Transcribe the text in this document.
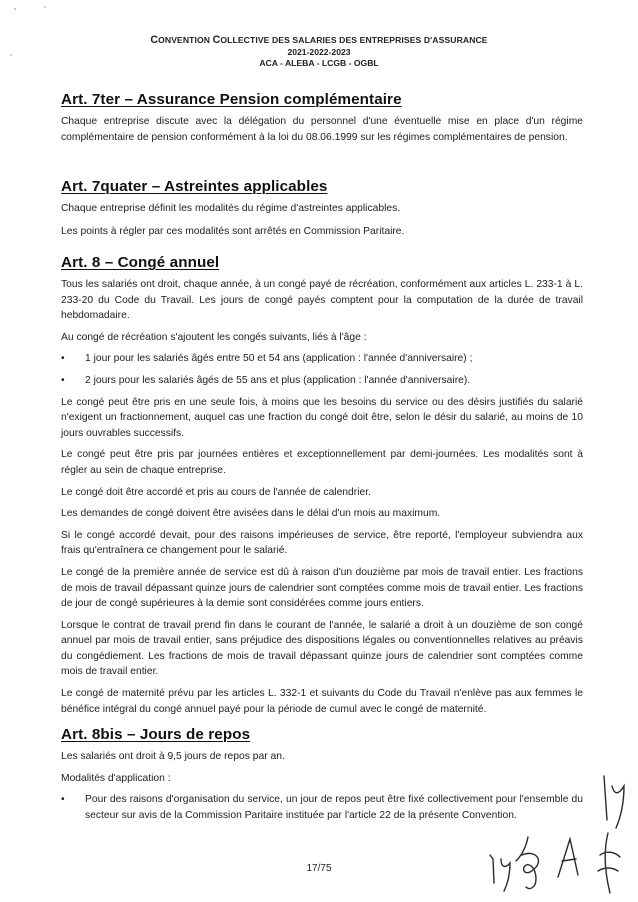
CONVENTION COLLECTIVE DES SALARIES DES ENTREPRISES D'ASSURANCE
2021-2022-2023
ACA - ALEBA - LCGB - OGBL
Art. 7ter – Assurance Pension complémentaire

Chaque entreprise discute avec la délégation du personnel d'une éventuelle mise en place d'un régime complémentaire de pension conformément à la loi du 08.06.1999 sur les régimes complémentaires de pension.

Art. 7quater – Astreintes applicables

Chaque entreprise définit les modalités du régime d'astreintes applicables.

Les points à régler par ces modalités sont arrêtés en Commission Paritaire.

Art. 8 – Congé annuel

Tous les salariés ont droit, chaque année, à un congé payé de récréation, conformément aux articles L. 233-1 à L. 233-20 du Code du Travail. Les jours de congé payés comptent pour la computation de la durée de travail hebdomadaire.

Au congé de récréation s'ajoutent les congés suivants, liés à l'âge :

• 1 jour pour les salariés âgés entre 50 et 54 ans (application : l'année d'anniversaire) ;

• 2 jours pour les salariés âgés de 55 ans et plus (application : l'année d'anniversaire).

Le congé peut être pris en une seule fois, à moins que les besoins du service ou des désirs justifiés du salarié n'exigent un fractionnement, auquel cas une fraction du congé doit être, selon le désir du salarié, au moins de 10 jours ouvrables successifs.

Le congé peut être pris par journées entières et exceptionnellement par demi-journées. Les modalités sont à régler au sein de chaque entreprise.

Le congé doit être accordé et pris au cours de l'année de calendrier.

Les demandes de congé doivent être avisées dans le délai d'un mois au maximum.

Si le congé accordé devait, pour des raisons impérieuses de service, être reporté, l'employeur subviendra aux frais qu'entraînera ce changement pour le salarié.

Le congé de la première année de service est dû à raison d'un douzième par mois de travail entier. Les fractions de mois de travail dépassant quinze jours de calendrier sont comptées comme mois de travail entier. Les fractions de jour de congé supérieures à la demie sont considérées comme jours entiers.

Lorsque le contrat de travail prend fin dans le courant de l'année, le salarié a droit à un douzième de son congé annuel par mois de travail entier, sans préjudice des dispositions légales ou conventionnelles relatives au préavis du congédiement. Les fractions de mois de travail dépassant quinze jours de calendrier sont comptées comme mois de travail entier.

Le congé de maternité prévu par les articles L. 332-1 et suivants du Code du Travail n'enlève pas aux femmes le bénéfice intégral du congé annuel payé pour la période de cumul avec le congé de maternité.

Art. 8bis – Jours de repos

Les salariés ont droit à 9,5 jours de repos par an.

Modalités d'application :

• Pour des raisons d'organisation du service, un jour de repos peut être fixé collectivement pour l'ensemble du secteur sur avis de la Commission Paritaire instituée par l'article 22 de la présente Convention.

17/75
